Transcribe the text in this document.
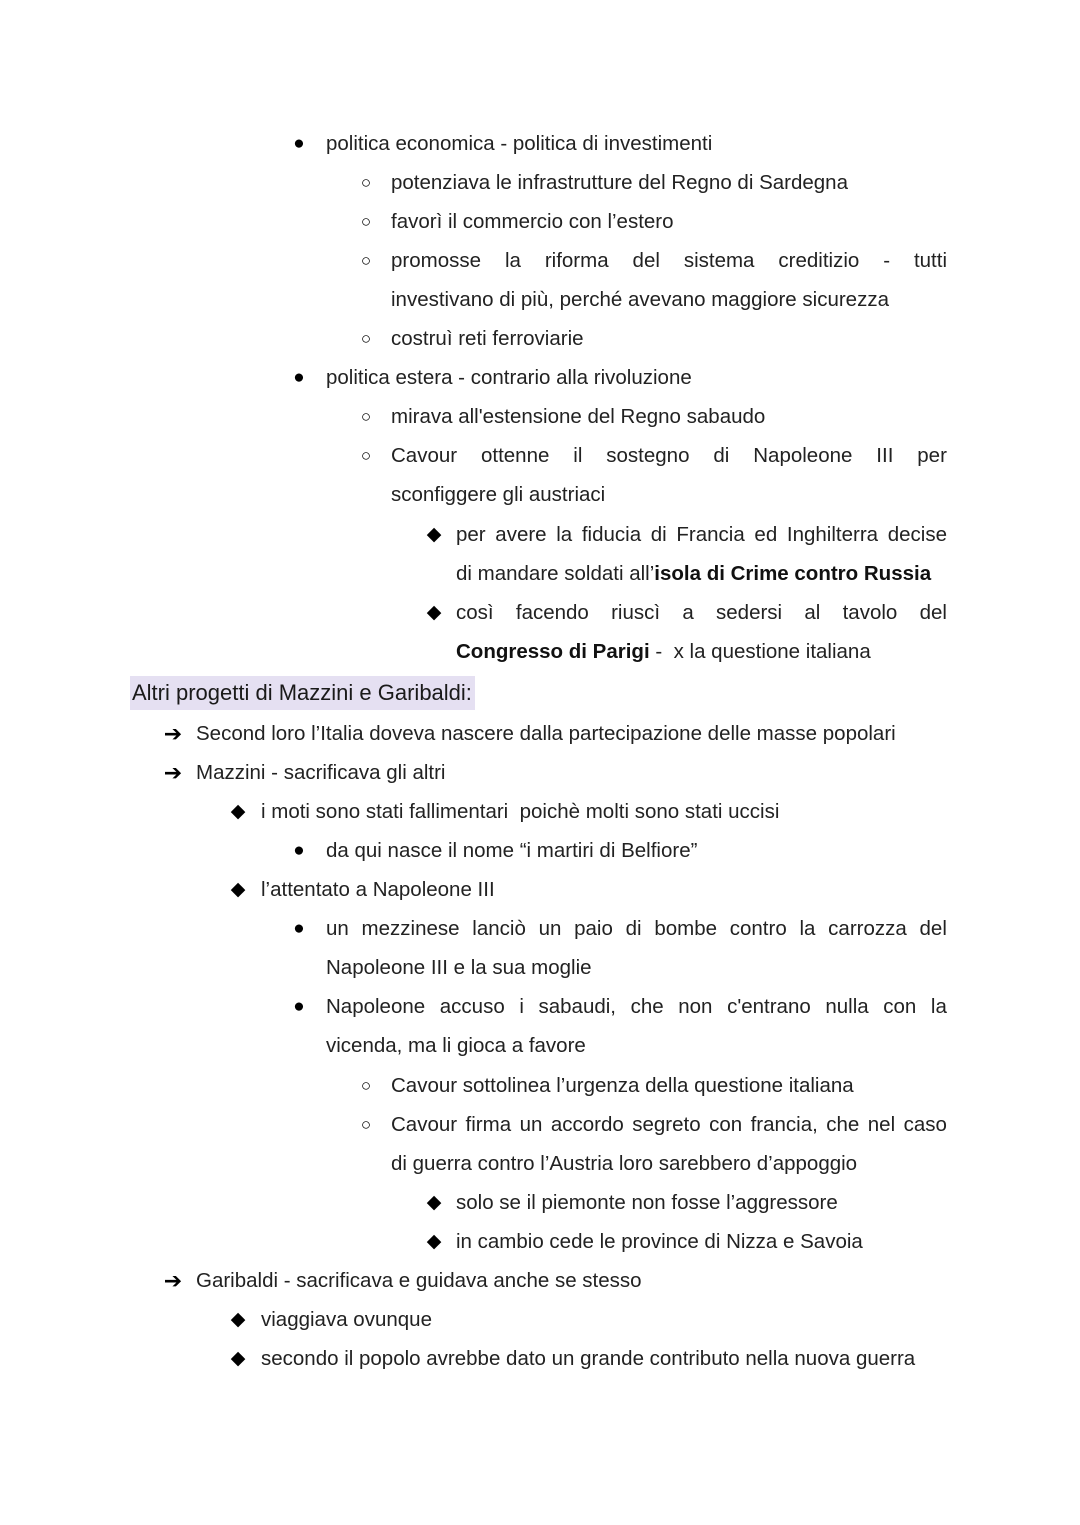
●	politica economica - politica di investimenti
○ potenziava le infrastrutture del Regno di Sardegna
○ favorì il commercio con l’estero
○ promosse la riforma del sistema creditizio - tutti
investivano di più, perché avevano maggiore sicurezza
○ costruì reti ferroviarie
●	politica estera - contrario alla rivoluzione
○ mirava all'estensione del Regno sabaudo
○ Cavour ottenne il sostegno di Napoleone III per
sconfiggere gli austriaci
◆ per avere la fiducia di Francia ed Inghilterra decise
di mandare soldati all’isola di Crime contro Russia
◆ così facendo riuscì a sedersi al tavolo del
Congresso di Parigi -  x la questione italiana
Altri progetti di Mazzini e Garibaldi:
➔ Second loro l’Italia doveva nascere dalla partecipazione delle masse popolari
➔ Mazzini - sacrificava gli altri
◆ i moti sono stati fallimentari  poichè molti sono stati uccisi
●	da qui nasce il nome “i martiri di Belfiore”
◆ l’attentato a Napoleone III
●	un mezzinese lanciò un paio di bombe contro la carrozza del
Napoleone III e la sua moglie
●	Napoleone accuso i sabaudi, che non c'entrano nulla con la
vicenda, ma li gioca a favore
○ Cavour sottolinea l’urgenza della questione italiana
○ Cavour firma un accordo segreto con francia, che nel caso
di guerra contro l’Austria loro sarebbero d’appoggio
◆ solo se il piemonte non fosse l’aggressore
◆ in cambio cede le province di Nizza e Savoia
➔ Garibaldi - sacrificava e guidava anche se stesso
◆ viaggiava ovunque
◆ secondo il popolo avrebbe dato un grande contributo nella nuova guerra
